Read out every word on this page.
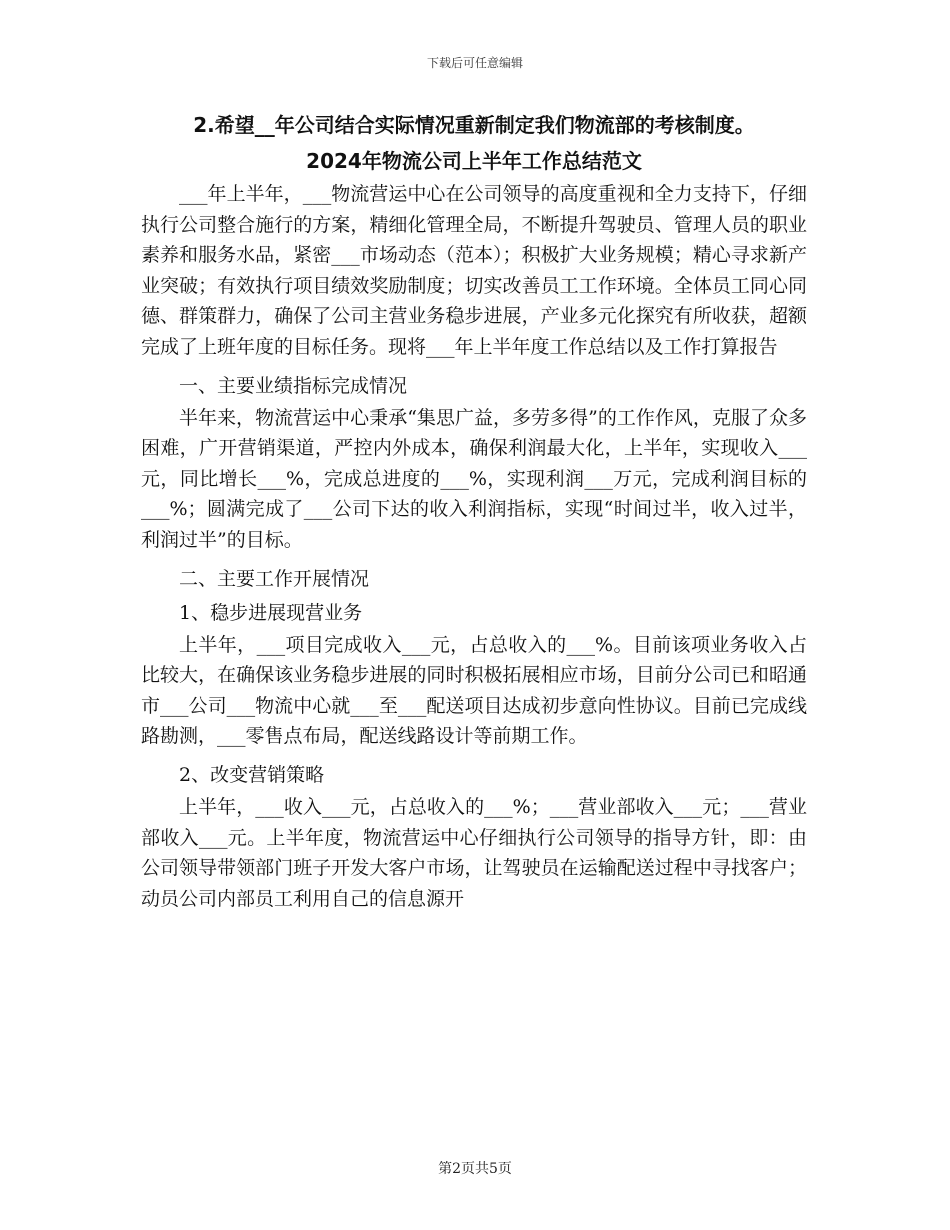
下载后可任意编辑
2.希望__年公司结合实际情况重新制定我们物流部的考核制度。
2024年物流公司上半年工作总结范文

___年上半年，___物流营运中心在公司领导的高度重视和全力支持下，仔细执行公司整合施行的方案，精细化管理全局，不断提升驾驶员、管理人员的职业素养和服务水品，紧密___市场动态（范本）；积极扩大业务规模；精心寻求新产业突破；有效执行项目绩效奖励制度；切实改善员工工作环境。全体员工同心同德、群策群力，确保了公司主营业务稳步进展，产业多元化探究有所收获，超额完成了上班年度的目标任务。现将___年上半年度工作总结以及工作打算报告

一、主要业绩指标完成情况

半年来，物流营运中心秉承“集思广益，多劳多得”的工作作风，克服了众多困难，广开营销渠道，严控内外成本，确保利润最大化，上半年，实现收入___元，同比增长___%，完成总进度的___%，实现利润___万元，完成利润目标的___%；圆满完成了___公司下达的收入利润指标，实现“时间过半，收入过半，利润过半”的目标。

二、主要工作开展情况

1、稳步进展现营业务

上半年，___项目完成收入___元，占总收入的___%。目前该项业务收入占比较大，在确保该业务稳步进展的同时积极拓展相应市场，目前分公司已和昭通市___公司___物流中心就___至___配送项目达成初步意向性协议。目前已完成线路勘测，___零售点布局，配送线路设计等前期工作。

2、改变营销策略

上半年，___收入___元，占总收入的___%；___营业部收入___元；___营业部收入___元。上半年度，物流营运中心仔细执行公司领导的指导方针，即：由公司领导带领部门班子开发大客户市场，让驾驶员在运输配送过程中寻找客户；动员公司内部员工利用自己的信息源开

第2页共5页
